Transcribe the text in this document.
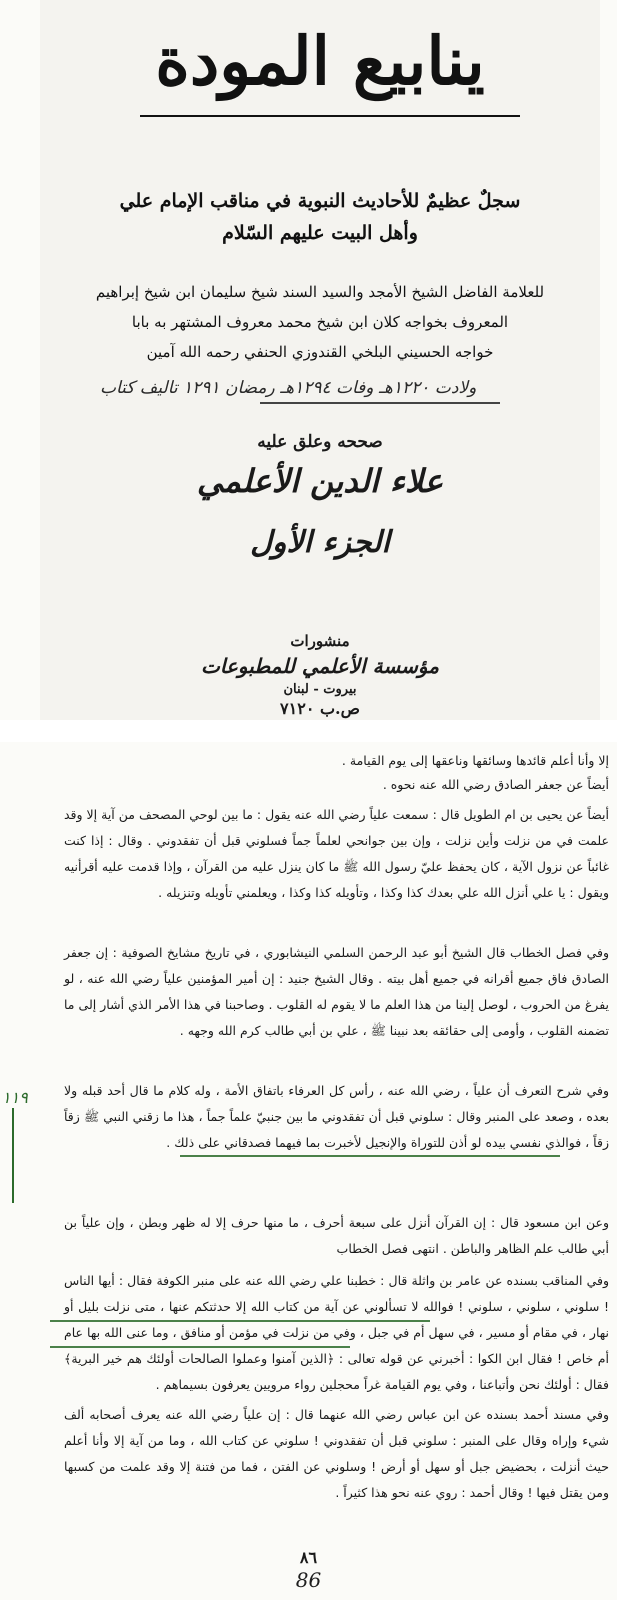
ينابيع المودة
سجلٌ عظيمٌ للأحاديث النبوية في مناقب الإمام علي
وأهل البيت عليهم السّلام
للعلامة الفاضل الشيخ الأمجد والسيد السند شيخ سليمان ابن شيخ إبراهيم
المعروف بخواجه كلان ابن شيخ محمد معروف المشتهر به بابا
خواجه الحسيني البلخي القندوزي الحنفي رحمه الله آمين
ولادت ١٢٢٠هـ وفات ١٢٩٤هـ رمضان ١٢٩١ تاليف كتاب
صححه وعلق عليه
علاء الدين الأعلمي
الجزء الأول
منشورات
مؤسسة الأعلمي للمطبوعات
بيروت - لبنان
ص.ب ٧١٢٠
إلا وأنا أعلم قائدها وسائقها وناعقها إلى يوم القيامة .
أيضاً عن جعفر الصادق رضي الله عنه نحوه .
أيضاً عن يحيى بن ام الطويل قال : سمعت علياً رضي الله عنه يقول : ما بين لوحي المصحف من آية إلا وقد علمت في من نزلت وأين نزلت ، وإن بين جوانحي لعلماً جماً فسلوني قبل أن تفقدوني . وقال : إذا كنت غائباً عن نزول الآية ، كان يحفظ عليّ رسول الله ﷺ ما كان ينزل عليه من القرآن ، وإذا قدمت عليه أقرأنيه ويقول : يا علي أنزل الله علي بعدك كذا وكذا ، وتأويله كذا وكذا ، ويعلمني تأويله وتنزيله .
وفي فصل الخطاب قال الشيخ أبو عبد الرحمن السلمي النيشابوري ، في تاريخ مشايخ الصوفية : إن جعفر الصادق فاق جميع أقرانه في جميع أهل بيته . وقال الشيخ جنيد : إن أمير المؤمنين علياً رضي الله عنه ، لو يفرغ من الحروب ، لوصل إلينا من هذا العلم ما لا يقوم له القلوب . وصاحبنا في هذا الأمر الذي أشار إلى ما تضمنه القلوب ، وأومى إلى حقائقه بعد نبينا ﷺ ، علي بن أبي طالب كرم الله وجهه .
وفي شرح التعرف أن علياً ، رضي الله عنه ، رأس كل العرفاء باتفاق الأمة ، وله كلام ما قال أحد قبله ولا بعده ، وصعد على المنبر وقال : سلوني قبل أن تفقدوني ما بين جنبيّ علماً جماً ، هذا ما زقني النبي ﷺ زقاً زقاً ، فوالذي نفسي بيده لو أذن للتوراة والإنجيل لأخبرت بما فيهما فصدقاني على ذلك .
وعن ابن مسعود قال : إن القرآن أنزل على سبعة أحرف ، ما منها حرف إلا له ظهر وبطن ، وإن علياً بن أبي طالب علم الظاهر والباطن . انتهى فصل الخطاب
وفي المناقب بسنده عن عامر بن واثلة قال : خطبنا علي رضي الله عنه على منبر الكوفة فقال : أيها الناس ! سلوني ، سلوني ، سلوني ! فوالله لا تسألوني عن آية من كتاب الله إلا حدثتكم عنها ، متى نزلت بليل أو نهار ، في مقام أو مسير ، في سهل أم في جبل ، وفي من نزلت في مؤمن أو منافق ، وما عنى الله بها عام أم خاص ! فقال ابن الكوا : أخبرني عن قوله تعالى : ﴿الذين آمنوا وعملوا الصالحات أولئك هم خير البرية﴾ فقال : أولئك نحن وأتباعنا ، وفي يوم القيامة غراً محجلين رواء مرويين يعرفون بسيماهم .
وفي مسند أحمد بسنده عن ابن عباس رضي الله عنهما قال : إن علياً رضي الله عنه يعرف أصحابه ألف شيء وإراه وقال على المنبر : سلوني قبل أن تفقدوني ! سلوني عن كتاب الله ، وما من آية إلا وأنا أعلم حيث أنزلت ، بحضيض جبل أو سهل أو أرض ! وسلوني عن الفتن ، فما من فتنة إلا وقد علمت من كسبها ومن يقتل فيها ! وقال أحمد : روي عنه نحو هذا كثيراً .
١١٩
٨٦
86
